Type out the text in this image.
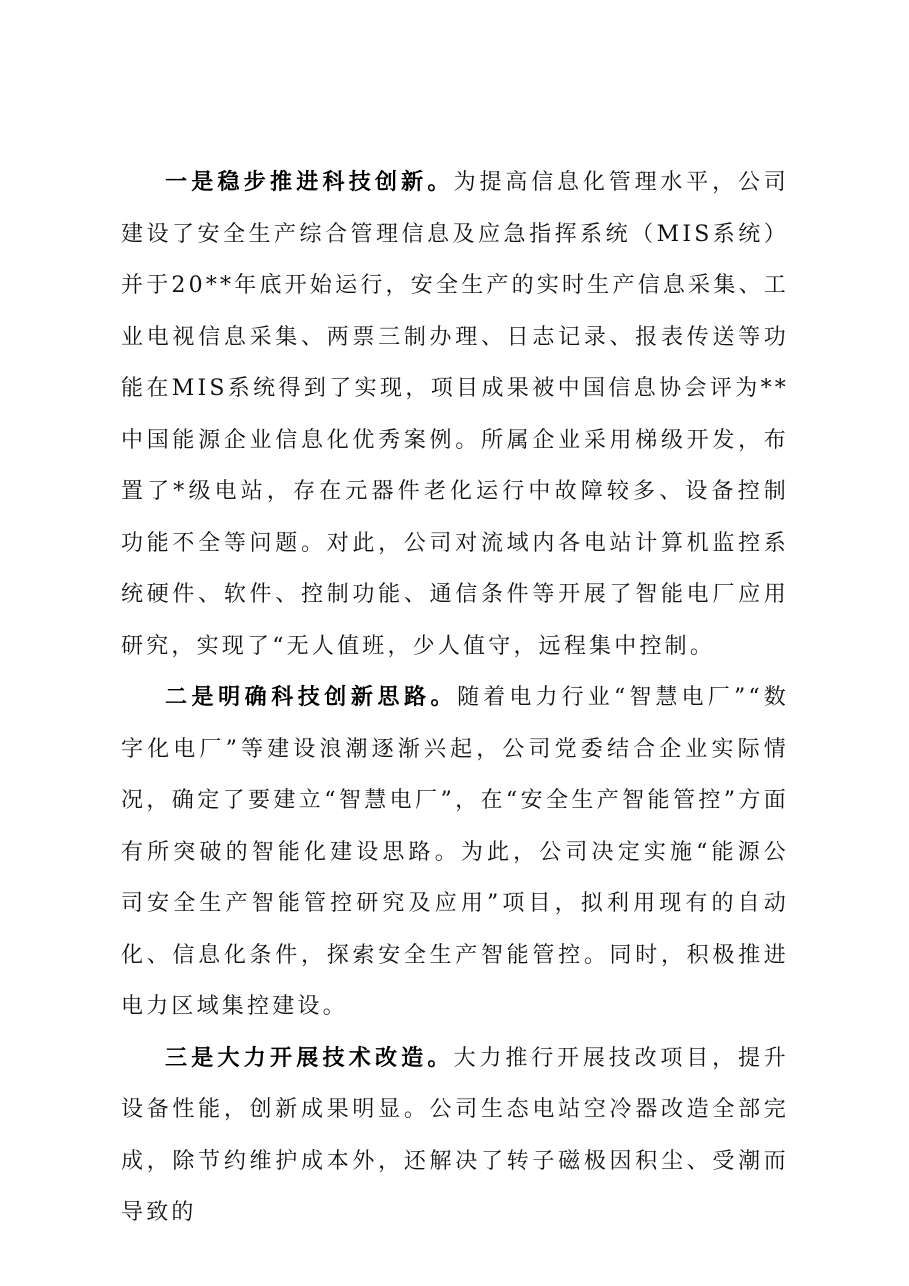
一是稳步推进科技创新。为提高信息化管理水平，公司建设了安全生产综合管理信息及应急指挥系统（MIS系统）并于20**年底开始运行，安全生产的实时生产信息采集、工业电视信息采集、两票三制办理、日志记录、报表传送等功能在MIS系统得到了实现，项目成果被中国信息协会评为**中国能源企业信息化优秀案例。所属企业采用梯级开发，布置了*级电站，存在元器件老化运行中故障较多、设备控制功能不全等问题。对此，公司对流域内各电站计算机监控系统硬件、软件、控制功能、通信条件等开展了智能电厂应用研究，实现了“无人值班，少人值守，远程集中控制。

二是明确科技创新思路。随着电力行业“智慧电厂”“数字化电厂”等建设浪潮逐渐兴起，公司党委结合企业实际情况，确定了要建立“智慧电厂”，在“安全生产智能管控”方面有所突破的智能化建设思路。为此，公司决定实施“能源公司安全生产智能管控研究及应用”项目，拟利用现有的自动化、信息化条件，探索安全生产智能管控。同时，积极推进电力区域集控建设。

三是大力开展技术改造。大力推行开展技改项目，提升设备性能，创新成果明显。公司生态电站空冷器改造全部完成，除节约维护成本外，还解决了转子磁极因积尘、受潮而导致的
